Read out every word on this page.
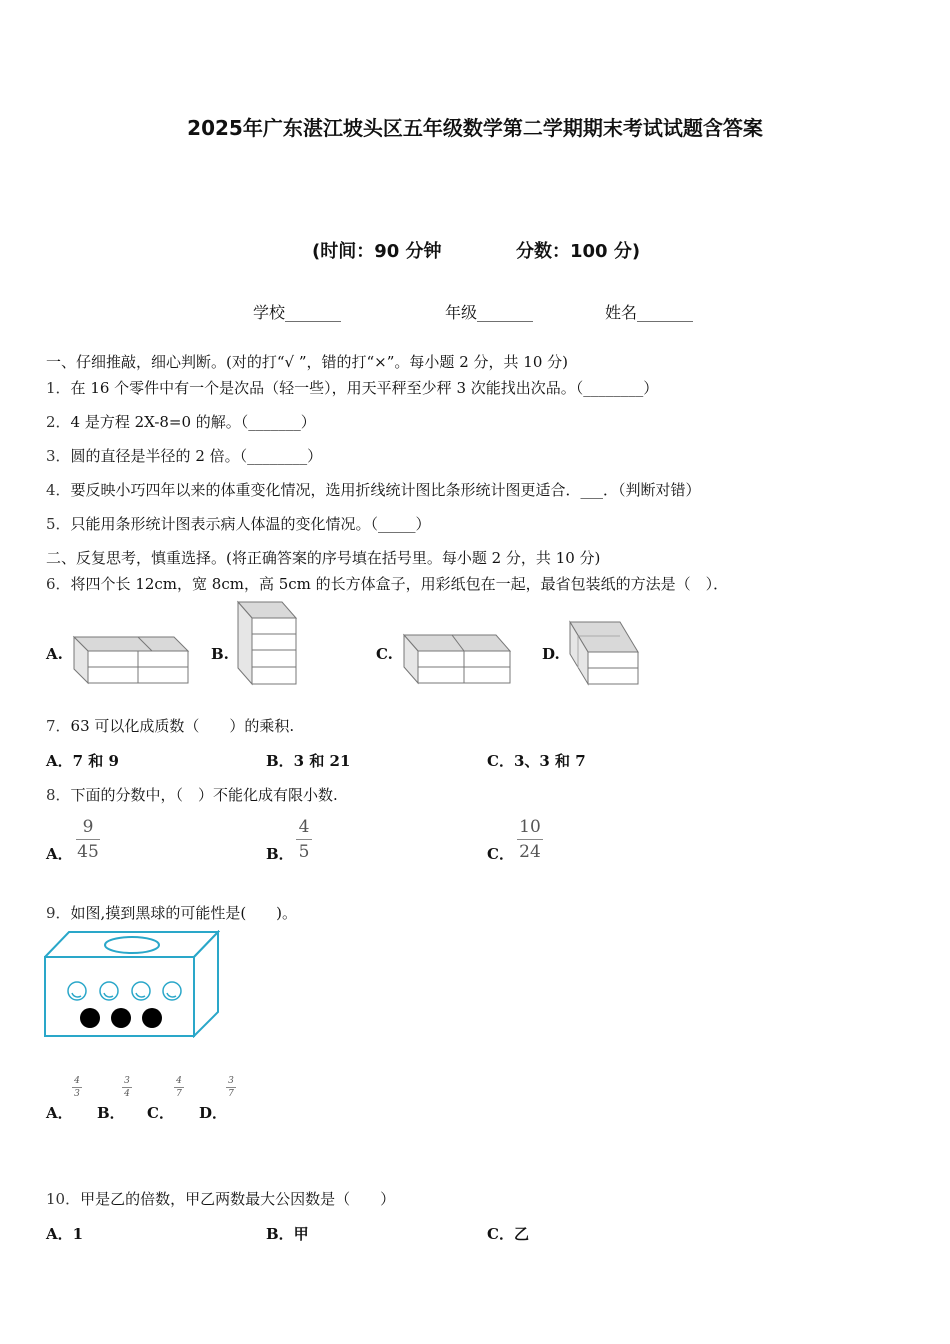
2025年广东湛江坡头区五年级数学第二学期期末考试试题含答案
(时间：90 分钟	分数：100 分)
学校_______	年级_______	姓名_______
一、仔细推敲，细心判断。(对的打“√ ”，错的打“×”。每小题 2 分，共 10 分)
1．在 16 个零件中有一个是次品（轻一些），用天平秤至少秤 3 次能找出次品。（________）
2．4 是方程 2X-8=0 的解。（_______）
3．圆的直径是半径的 2 倍。（________）
4．要反映小巧四年以来的体重变化情况，选用折线统计图比条形统计图更适合．___．（判断对错）
5．只能用条形统计图表示病人体温的变化情况。（_____）
二、反复思考，慎重选择。(将正确答案的序号填在括号里。每小题 2 分，共 10 分)
6．将四个长 12cm，宽 8cm，高 5cm 的长方体盒子，用彩纸包在一起，最省包装纸的方法是（　）．
A.	B.	C.	D.
7．63 可以化成质数（　　）的乘积.
A．7 和 9	B．3 和 21	C．3、3 和 7
8．下面的分数中，（　）不能化成有限小数.
A．
9
45	B．
4
5	C．
10
24
9．如图,摸到黑球的可能性是(　　)。
A．
4
3
B．
3
4
C．
4
7
D．
3
7
10．甲是乙的倍数，甲乙两数最大公因数是（　　）
A．1	B．甲	C．乙
